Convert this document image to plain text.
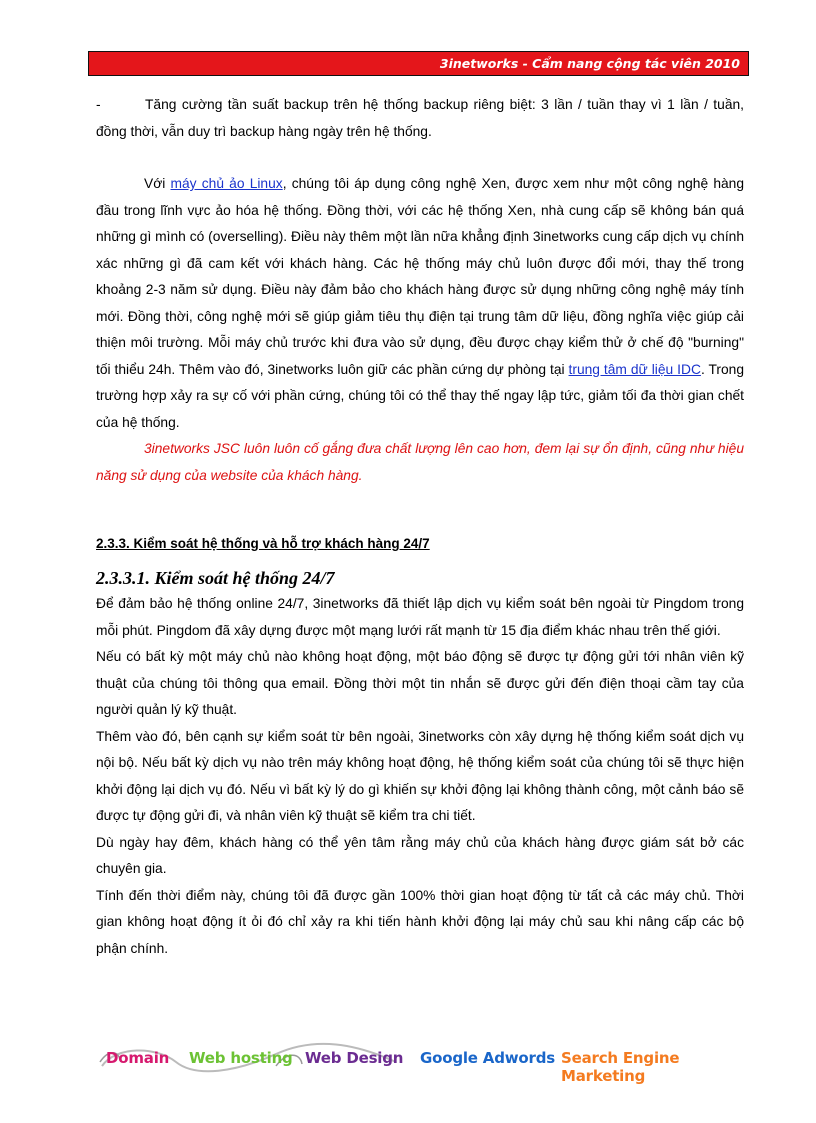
3inetworks - Cẩm nang cộng tác viên 2010

-	Tăng cường tần suất backup trên hệ thống backup riêng biệt: 3 lần / tuần thay vì 1 lần / tuần, đồng thời, vẫn duy trì backup hàng ngày trên hệ thống.

Với máy chủ ảo Linux, chúng tôi áp dụng công nghệ Xen, được xem như một công nghệ hàng đầu trong lĩnh vực ảo hóa hệ thống. Đồng thời, với các hệ thống Xen, nhà cung cấp sẽ không bán quá những gì mình có (overselling). Điều này thêm một lần nữa khẳng định 3inetworks cung cấp dịch vụ chính xác những gì đã cam kết với khách hàng. Các hệ thống máy chủ luôn được đổi mới, thay thế trong khoảng 2-3 năm sử dụng. Điều này đảm bảo cho khách hàng được sử dụng những công nghệ máy tính mới. Đồng thời, công nghệ mới sẽ giúp giảm tiêu thụ điện tại trung tâm dữ liệu, đồng nghĩa việc giúp cải thiện môi trường. Mỗi máy chủ trước khi đưa vào sử dụng, đều được chạy kiểm thử ở chế độ "burning" tối thiểu 24h. Thêm vào đó, 3inetworks luôn giữ các phần cứng dự phòng tại trung tâm dữ liệu IDC. Trong trường hợp xảy ra sự cố với phần cứng, chúng tôi có thể thay thế ngay lập tức, giảm tối đa thời gian chết của hệ thống.

3inetworks JSC luôn luôn cố gắng đưa chất lượng lên cao hơn, đem lại sự ổn định, cũng như hiệu năng sử dụng của website của khách hàng.

2.3.3. Kiểm soát hệ thống và hỗ trợ khách hàng 24/7
2.3.3.1. Kiểm soát hệ thống 24/7

Để đảm bảo hệ thống online 24/7, 3inetworks đã thiết lập dịch vụ kiểm soát bên ngoài từ Pingdom trong mỗi phút. Pingdom đã xây dựng được một mạng lưới rất mạnh từ 15 địa điểm khác nhau trên thế giới.

Nếu có bất kỳ một máy chủ nào không hoạt động, một báo động sẽ được tự động gửi tới nhân viên kỹ thuật của chúng tôi thông qua email. Đồng thời một tin nhắn sẽ được gửi đến điện thoại cầm tay của người quản lý kỹ thuật.

Thêm vào đó, bên cạnh sự kiểm soát từ bên ngoài, 3inetworks còn xây dựng hệ thống kiểm soát dịch vụ nội bộ. Nếu bất kỳ dịch vụ nào trên máy không hoạt động, hệ thống kiểm soát của chúng tôi sẽ thực hiện khởi động lại dịch vụ đó. Nếu vì bất kỳ lý do gì khiến sự khởi động lại không thành công, một cảnh báo sẽ được tự động gửi đi, và nhân viên kỹ thuật sẽ kiểm tra chi tiết.

Dù ngày hay đêm, khách hàng có thể yên tâm rằng máy chủ của khách hàng được giám sát bở các chuyên gia.

Tính đến thời điểm này, chúng tôi đã được gần 100% thời gian hoạt động từ tất cả các máy chủ. Thời gian không hoạt động ít ỏi đó chỉ xảy ra khi tiến hành khởi động lại máy chủ sau khi nâng cấp các bộ phận chính.

Domain Web hosting Web Design Google Adwords Search Engine Marketing
